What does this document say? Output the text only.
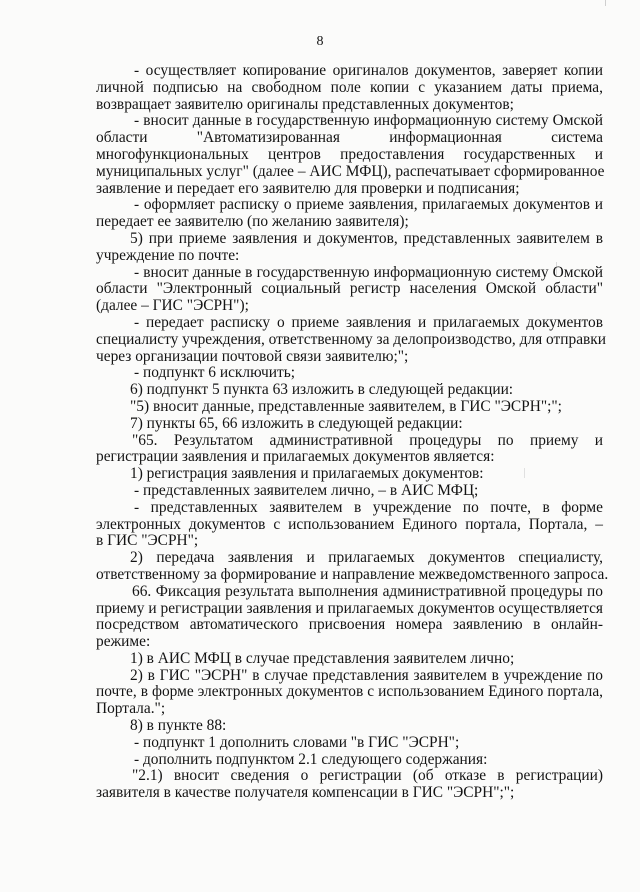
8
- осуществляет копирование оригиналов документов, заверяет копии
личной подписью на свободном поле копии с указанием даты приема,
возвращает заявителю оригиналы представленных документов;
- вносит данные в государственную информационную систему Омской
области "Автоматизированная информационная система
многофункциональных центров предоставления государственных и
муниципальных услуг" (далее – АИС МФЦ), распечатывает сформированное
заявление и передает его заявителю для проверки и подписания;
- оформляет расписку о приеме заявления, прилагаемых документов и
передает ее заявителю (по желанию заявителя);
5) при приеме заявления и документов, представленных заявителем в
учреждение по почте:
- вносит данные в государственную информационную систему Омской
области "Электронный социальный регистр населения Омской области"
(далее – ГИС "ЭСРН");
- передает расписку о приеме заявления и прилагаемых документов
специалисту учреждения, ответственному за делопроизводство, для отправки
через организации почтовой связи заявителю;";
- подпункт 6 исключить;
6) подпункт 5 пункта 63 изложить в следующей редакции:
"5) вносит данные, представленные заявителем, в ГИС "ЭСРН";";
7) пункты 65, 66 изложить в следующей редакции:
"65. Результатом административной процедуры по приему и
регистрации заявления и прилагаемых документов является:
1) регистрация заявления и прилагаемых документов:
- представленных заявителем лично, – в АИС МФЦ;
- представленных заявителем в учреждение по почте, в форме
электронных документов с использованием Единого портала, Портала, –
в ГИС "ЭСРН";
2) передача заявления и прилагаемых документов специалисту,
ответственному за формирование и направление межведомственного запроса.
66. Фиксация результата выполнения административной процедуры по
приему и регистрации заявления и прилагаемых документов осуществляется
посредством автоматического присвоения номера заявлению в онлайн-
режиме:
1) в АИС МФЦ в случае представления заявителем лично;
2) в ГИС "ЭСРН" в случае представления заявителем в учреждение по
почте, в форме электронных документов с использованием Единого портала,
Портала.";
8) в пункте 88:
- подпункт 1 дополнить словами "в ГИС "ЭСРН";
- дополнить подпунктом 2.1 следующего содержания:
"2.1) вносит сведения о регистрации (об отказе в регистрации)
заявителя в качестве получателя компенсации в ГИС "ЭСРН";";
